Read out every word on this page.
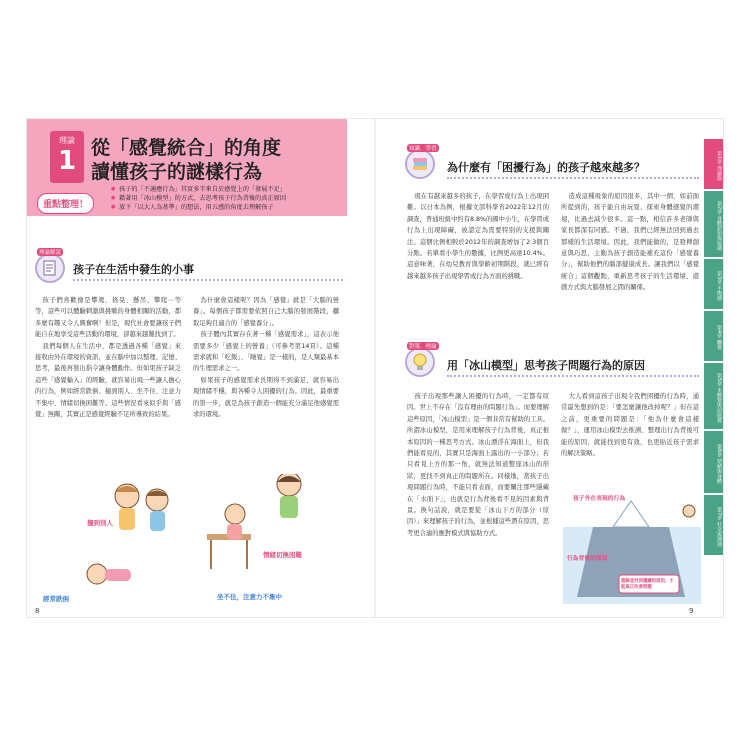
理論
1 從「感覺統合」的角度
讀懂孩子的謎樣行為
重點整理！
● 孩子的「不適應行為」其實多半來自於感覺上的「發展不足」
● 藉著用「冰山模型」的方式，去思考孩子行為背後的真正原因
● 放下「以大人為基準」的想法，用五感的角度去理解孩子
理論解說
孩子在生活中發生的小事

孩子們喜歡像是攀爬、搖晃、懸吊、攀爬⋯等等，這些可以體驗刺激與挑戰的身體相關的活動，都多麼有趣又令人興奮啊！但是，現代社會要讓孩子們能自在地享受這些活動的環境，卻越來越難找到了。

我們每個人在生活中，都是透過各種「感覺」來接收由外在環境的資訊，並在腦中加以整理、記憶、思考，最後再發出指令讓身體動作。但如果孩子缺乏這些「感覺輸入」的經驗，就容易出現一些讓人擔心的行為，例如經常跌倒、撞到別人、坐不住、注意力不集中、情緒切換困難等。這些情況看來似乎與「感覺」無關，其實正是感覺經驗不足所導致的結果。

為什麼會這樣呢？因為「感覺」就是「大腦的營養」。每個孩子都需要依照自己大腦的發展階段，攝取足夠且適合的「感覺養分」。

孩子體內其實存在著一種「感覺需求」，這表示他需要多少「感覺上的營養」（可參考第14頁）。這種需求就和「吃飯」、「睡覺」是一樣的，是人類最基本的生理需求之一。

如果孩子的感覺需求長期得不到滿足，就容易出現情緒不穩，與各種令人困擾的行為。因此，最重要的第一步，就是為孩子創造一個能充分滿足他感覺需求的環境。

撞到別人
經常跌倒
情緒切換困難
坐不住，注意力不集中
8
知識．學習
為什麼有「困擾行為」的孩子越來越多？

現在有越來越多的孩子，在學習或行為上出現困難。以日本為例，根據文部科學省2022年12月的調查，普通班級中約有8.8%的國中小生，在學習或行為上出現障礙，被認定為需要特別的支援與關注。這個比例相較於2012年的調查增加了2.3個百分點。若單看小學生的數據，比例更高達10.4%。這意味著，在幼兒教育與學齡初期階段，就已經有越來越多孩子出現學習或行為方面的挑戰。

造成這種現象的原因很多，其中一個，如前面所提到的，孩子能自由玩耍、探索身體感覺的環境，比過去減少很多。這一點，相信許多老師與家長都深有同感。不過，我們已經無法回到過去那樣的生活環境。因此，我們能做的，是發揮創意與巧思，主動為孩子創造能補充這份「感覺養分」，幫助他們的腦部健康成長。讓我們以「感覺統合」這個觀點，重新思考孩子的生活環境、遊戲方式與大腦發展之間的關係。

對策．理論
用「冰山模型」思考孩子問題行為的原因

孩子出現那些讓人困擾的行為時，一定都有原因。世上不存在「沒有理由的問題行為」。而要理解這些原因，「冰山模型」是一個非常有幫助的工具。所謂冰山模型，是用來理解孩子行為背後，真正根本原因的一種思考方式。冰山漂浮在海面上，但我們能看見的，其實只是海面上露出的一小部分；若只看見上方的那一角，就無法知道整座冰山的形狀，更找不到真正的問題所在。同樣地，當孩子出現問題行為時，不能只看表面，而要關注那些隱藏在「水面下」，也就是行為背後看不見的因素與背景。換句話說，就是要從「冰山下方的部分（原因）」來理解孩子的行為，並根據這些潛在原因，思考更合適的應對模式與協助方式。

大人看到這孩子出現令我們困擾的行為時，通常最先想到的是：「要怎麼讓他改掉呢？」但在這之前，更重要的問題是：「他為什麼會這樣做？」，運用冰山模型去推測、整理出行為背後可能的原因，就能找到更有效，也更貼近孩子需求的解決策略。

孩子外在表現的行為
行為背後的原因
理解並找到隱藏的原因，才能真正改善問題
第1章 理論篇
第2章 身體認知與協調
第3章 平衡感
第4章 觸覺
第5章 本體覺與前庭覺
第6章 情緒與身體
第7章 社交與溝通
9
